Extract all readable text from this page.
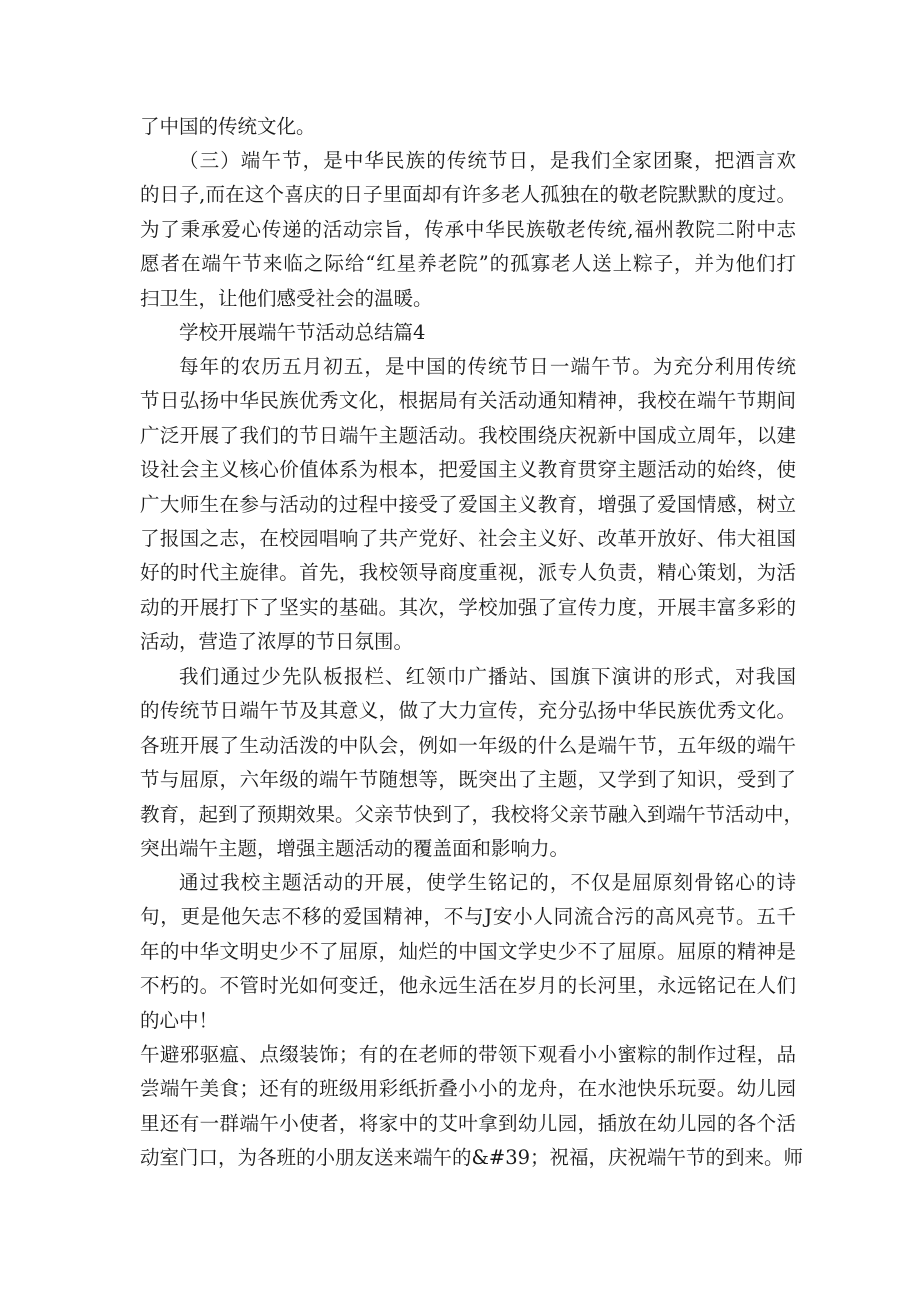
了中国的传统文化。
（三）端午节，是中华民族的传统节日，是我们全家团聚，把酒言欢
的日子,而在这个喜庆的日子里面却有许多老人孤独在的敬老院默默的度过。
为了秉承爱心传递的活动宗旨，传承中华民族敬老传统,福州教院二附中志
愿者在端午节来临之际给“红星养老院”的孤寡老人送上粽子，并为他们打
扫卫生，让他们感受社会的温暖。
学校开展端午节活动总结篇4
每年的农历五月初五，是中国的传统节日一端午节。为充分利用传统
节日弘扬中华民族优秀文化，根据局有关活动通知精神，我校在端午节期间
广泛开展了我们的节日端午主题活动。我校围绕庆祝新中国成立周年，以建
设社会主义核心价值体系为根本，把爱国主义教育贯穿主题活动的始终，使
广大师生在参与活动的过程中接受了爱国主义教育，增强了爱国情感，树立
了报国之志，在校园唱响了共产党好、社会主义好、改革开放好、伟大祖国
好的时代主旋律。首先，我校领导商度重视，派专人负责，精心策划，为活
动的开展打下了坚实的基础。其次，学校加强了宣传力度，开展丰富多彩的
活动，营造了浓厚的节日氛围。
我们通过少先队板报栏、红领巾广播站、国旗下演讲的形式，对我国
的传统节日端午节及其意义，做了大力宣传，充分弘扬中华民族优秀文化。
各班开展了生动活泼的中队会，例如一年级的什么是端午节，五年级的端午
节与屈原，六年级的端午节随想等，既突出了主题，又学到了知识，受到了
教育，起到了预期效果。父亲节快到了，我校将父亲节融入到端午节活动中，
突出端午主题，增强主题活动的覆盖面和影响力。
通过我校主题活动的开展，使学生铭记的，不仅是屈原刻骨铭心的诗
句，更是他矢志不移的爱国精神，不与J安小人同流合污的高风亮节。五千
年的中华文明史少不了屈原，灿烂的中国文学史少不了屈原。屈原的精神是
不朽的。不管时光如何变迁，他永远生活在岁月的长河里，永远铭记在人们
的心中！
午避邪驱瘟、点缀装饰；有的在老师的带领下观看小小蜜粽的制作过程，品
尝端午美食；还有的班级用彩纸折叠小小的龙舟，在水池快乐玩耍。幼儿园
里还有一群端午小使者，将家中的艾叶拿到幼儿园，插放在幼儿园的各个活
动室门口，为各班的小朋友送来端午的&#39；祝福，庆祝端午节的到来。师
